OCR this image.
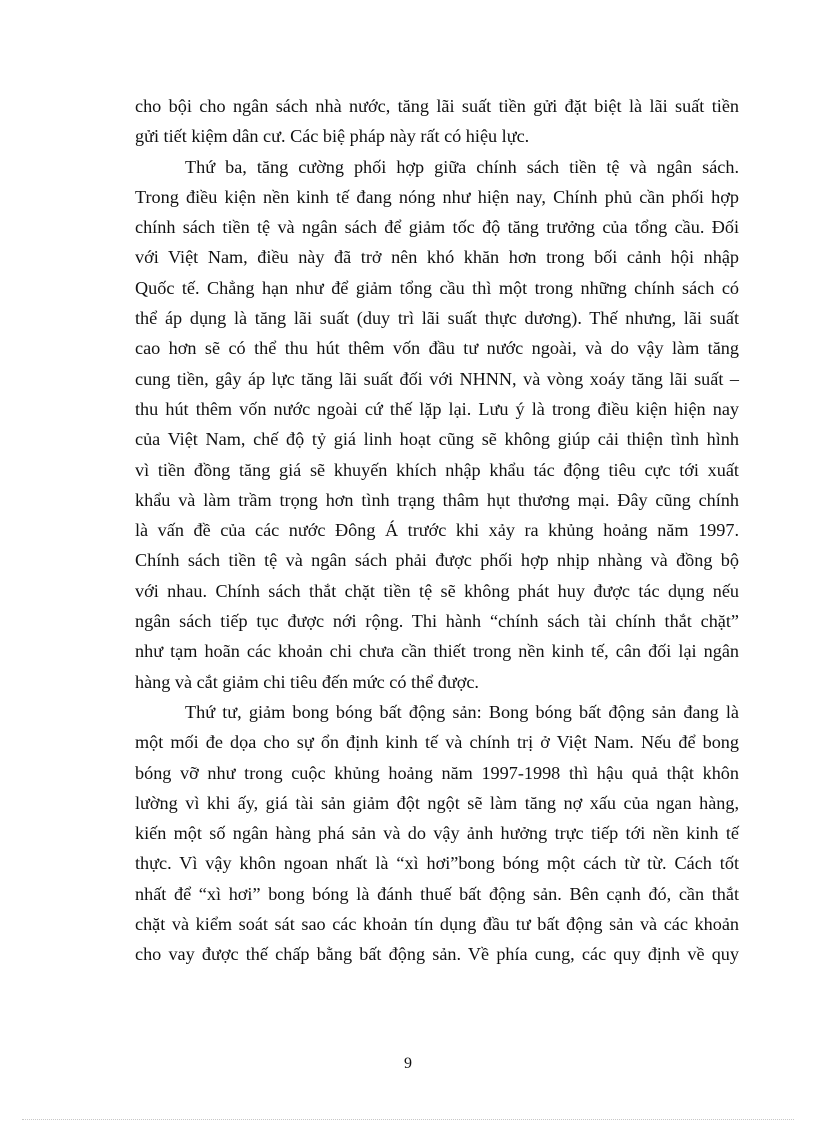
cho bội cho ngân sách nhà nước, tăng lãi suất tiền gửi đặt biệt là lãi suất tiền
gửi tiết kiệm dân cư. Các biệ pháp này rất có hiệu lực.
Thứ ba, tăng cường phối hợp giữa chính sách tiền tệ và ngân sách.
Trong điều kiện nền kinh tế đang nóng như hiện nay, Chính phủ cần phối hợp
chính sách tiền tệ và ngân sách để giảm tốc độ tăng trưởng của tổng cầu. Đối
với Việt Nam, điều này đã trở nên khó khăn hơn trong bối cảnh hội nhập
Quốc tế. Chẳng hạn như để giảm tổng cầu thì một trong những chính sách có
thể áp dụng là tăng lãi suất (duy trì lãi suất thực dương). Thế nhưng, lãi suất
cao hơn sẽ có thể thu hút thêm vốn đầu tư nước ngoài, và do vậy làm tăng
cung tiền, gây áp lực tăng lãi suất đối với NHNN, và vòng xoáy tăng lãi suất –
thu hút thêm vốn nước ngoài cứ thế lặp lại. Lưu ý là trong điều kiện hiện nay
của Việt Nam, chế độ tỷ giá linh hoạt cũng sẽ không giúp cải thiện tình hình
vì tiền đồng tăng giá sẽ khuyến khích nhập khẩu tác động tiêu cực tới xuất
khẩu và làm trầm trọng hơn tình trạng thâm hụt thương mại. Đây cũng chính
là vấn đề của các nước Đông Á trước khi xảy ra khủng hoảng năm 1997.
Chính sách tiền tệ và ngân sách phải được phối hợp nhịp nhàng và đồng bộ
với nhau. Chính sách thắt chặt tiền tệ sẽ không phát huy được tác dụng nếu
ngân sách tiếp tục được nới rộng. Thi hành “chính sách tài chính thắt chặt”
như tạm hoãn các khoản chi chưa cần thiết trong nền kinh tế, cân đối lại ngân
hàng và cắt giảm chi tiêu đến mức có thể được.
Thứ tư, giảm bong bóng bất động sản: Bong bóng bất động sản đang là
một mối đe dọa cho sự ổn định kinh tế và chính trị ở Việt Nam. Nếu để bong
bóng vỡ như trong cuộc khủng hoảng năm 1997-1998 thì hậu quả thật khôn
lường vì khi ấy, giá tài sản giảm đột ngột sẽ làm tăng nợ xấu của ngan hàng,
kiến một số ngân hàng phá sản và do vậy ảnh hưởng trực tiếp tới nền kinh tế
thực. Vì vậy khôn ngoan nhất là “xì hơi”bong bóng một cách từ từ. Cách tốt
nhất để “xì hơi” bong bóng là đánh thuế bất động sản. Bên cạnh đó, cần thắt
chặt và kiểm soát sát sao các khoản tín dụng đầu tư bất động sản và các khoản
cho vay được thế chấp bằng bất động sản. Về phía cung, các quy định về quy
9
